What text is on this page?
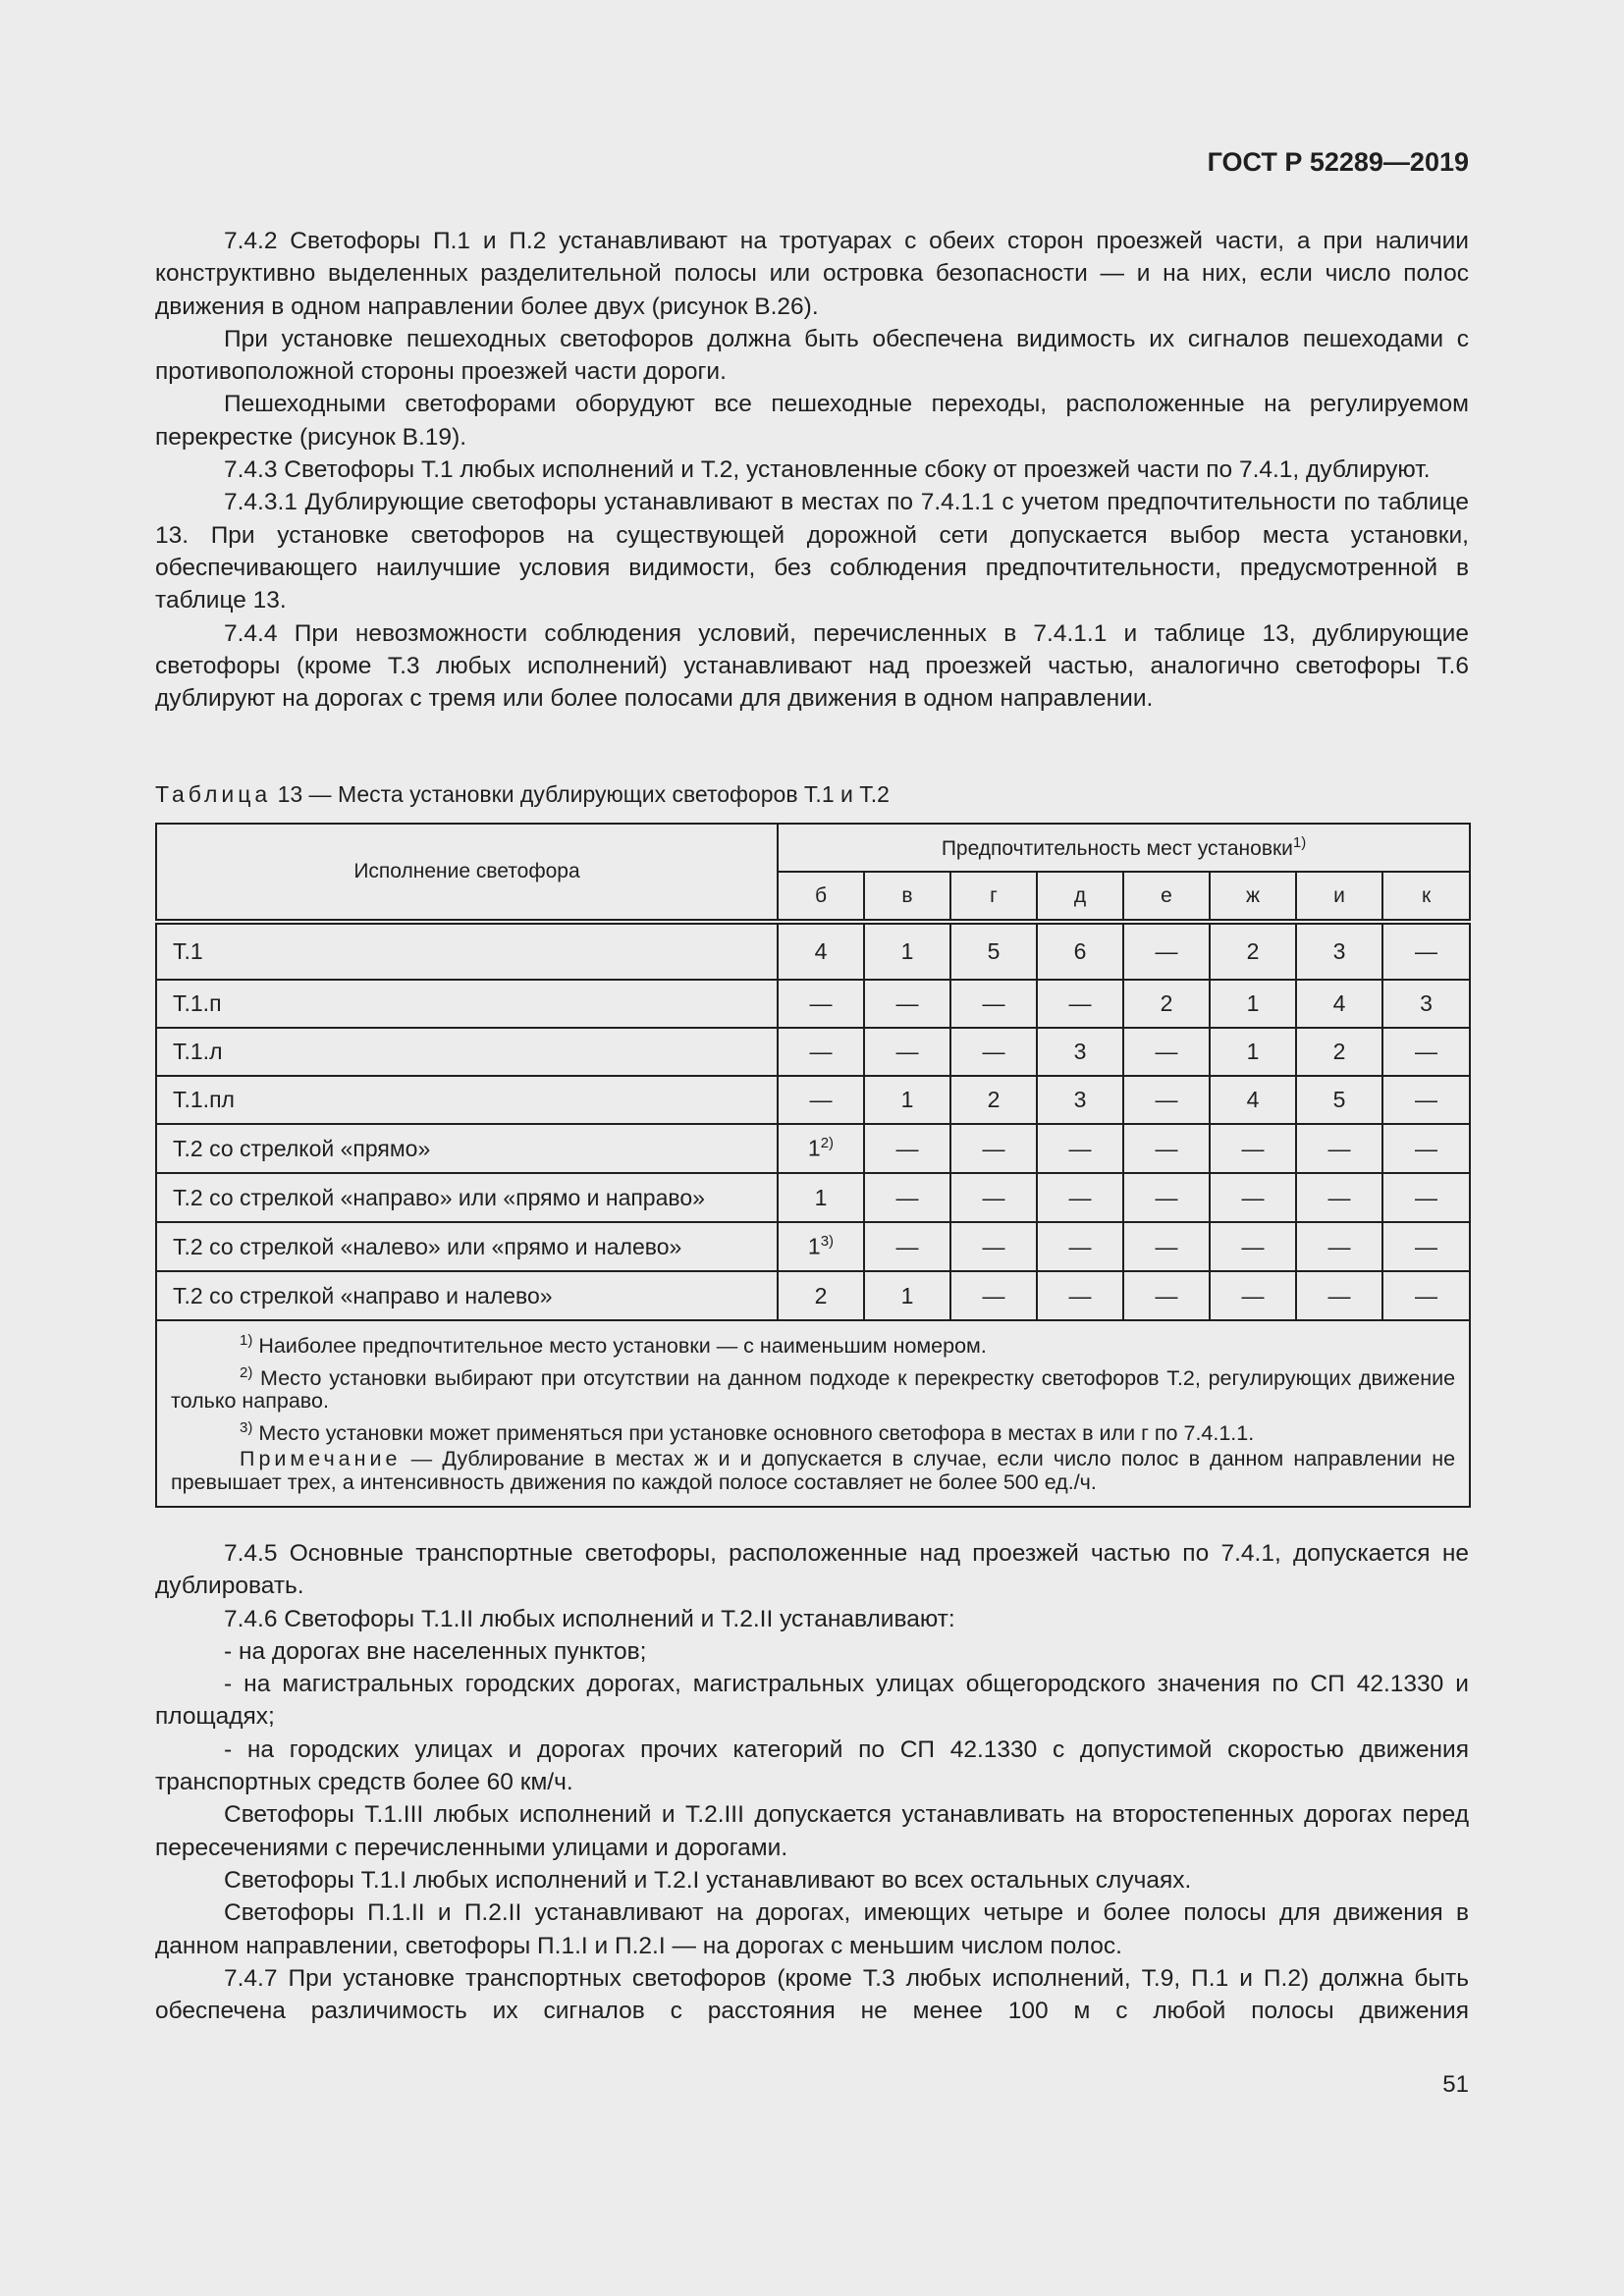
ГОСТ Р 52289—2019

7.4.2 Светофоры П.1 и П.2 устанавливают на тротуарах с обеих сторон проезжей части, а при наличии конструктивно выделенных разделительной полосы или островка безопасности — и на них, если число полос движения в одном направлении более двух (рисунок В.26).

При установке пешеходных светофоров должна быть обеспечена видимость их сигналов пешеходами с противоположной стороны проезжей части дороги.

Пешеходными светофорами оборудуют все пешеходные переходы, расположенные на регулируемом перекрестке (рисунок В.19).

7.4.3 Светофоры Т.1 любых исполнений и Т.2, установленные сбоку от проезжей части по 7.4.1, дублируют.

7.4.3.1 Дублирующие светофоры устанавливают в местах по 7.4.1.1 с учетом предпочтительности по таблице 13. При установке светофоров на существующей дорожной сети допускается выбор места установки, обеспечивающего наилучшие условия видимости, без соблюдения предпочтительности, предусмотренной в таблице 13.

7.4.4 При невозможности соблюдения условий, перечисленных в 7.4.1.1 и таблице 13, дублирующие светофоры (кроме Т.3 любых исполнений) устанавливают над проезжей частью, аналогично светофоры Т.6 дублируют на дорогах с тремя или более полосами для движения в одном направлении.

Таблица 13 — Места установки дублирующих светофоров Т.1 и Т.2
Исполнение светофора	Предпочтительность мест установки$^{1)}$
	б	в	г	д	е	ж	и	к
Т.1	4	1	5	6	—	2	3	—
Т.1.п	—	—	—	—	2	1	4	3
Т.1.л	—	—	—	3	—	1	2	—
Т.1.пл	—	1	2	3	—	4	5	—
Т.2 со стрелкой «прямо»	1$^{2)}$	—	—	—	—	—	—	—
Т.2 со стрелкой «направо» или «прямо и направо»	1	—	—	—	—	—	—	—
Т.2 со стрелкой «налево» или «прямо и налево»	1$^{3)}$	—	—	—	—	—	—	—
Т.2 со стрелкой «направо и налево»	2	1	—	—	—	—	—	—

$^{1)}$ Наиболее предпочтительное место установки — с наименьшим номером.

$^{2)}$ Место установки выбирают при отсутствии на данном подходе к перекрестку светофоров Т.2, регулирующих движение только направо.

$^{3)}$ Место установки может применяться при установке основного светофора в местах в или г по 7.4.1.1.

Примечание — Дублирование в местах ж и и допускается в случае, если число полос в данном направлении не превышает трех, а интенсивность движения по каждой полосе составляет не более 500 ед./ч.								

7.4.5 Основные транспортные светофоры, расположенные над проезжей частью по 7.4.1, допускается не дублировать.

7.4.6 Светофоры Т.1.II любых исполнений и Т.2.II устанавливают:

- на дорогах вне населенных пунктов;

- на магистральных городских дорогах, магистральных улицах общегородского значения по СП 42.1330 и площадях;

- на городских улицах и дорогах прочих категорий по СП 42.1330 с допустимой скоростью движения транспортных средств более 60 км/ч.

Светофоры Т.1.III любых исполнений и Т.2.III допускается устанавливать на второстепенных дорогах перед пересечениями с перечисленными улицами и дорогами.

Светофоры Т.1.I любых исполнений и Т.2.I устанавливают во всех остальных случаях.

Светофоры П.1.II и П.2.II устанавливают на дорогах, имеющих четыре и более полосы для движения в данном направлении, светофоры П.1.I и П.2.I — на дорогах с меньшим числом полос.

7.4.7 При установке транспортных светофоров (кроме Т.3 любых исполнений, Т.9, П.1 и П.2) должна быть обеспечена различимость их сигналов с расстояния не менее 100 м с любой полосы движения

51
